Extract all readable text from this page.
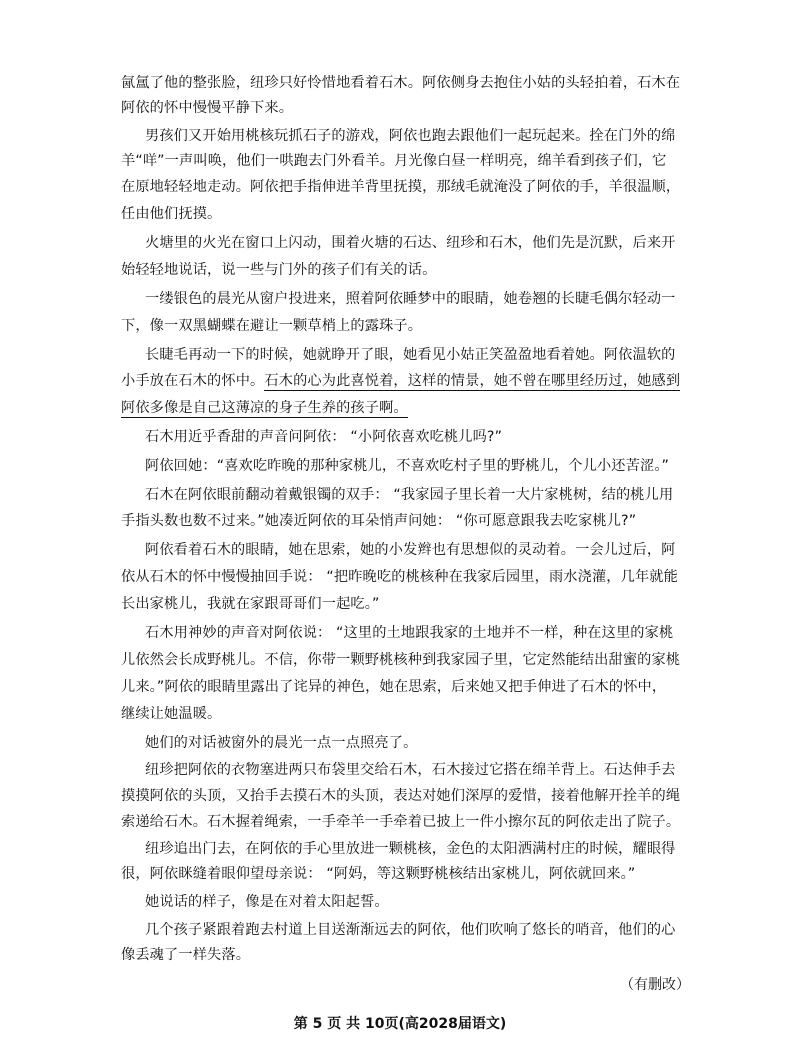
氤氲了他的整张脸，纽珍只好怜惜地看着石木。阿依侧身去抱住小姑的头轻拍着，石木在
阿依的怀中慢慢平静下来。
男孩们又开始用桃核玩抓石子的游戏，阿依也跑去跟他们一起玩起来。拴在门外的绵
羊“咩”一声叫唤，他们一哄跑去门外看羊。月光像白昼一样明亮，绵羊看到孩子们，它
在原地轻轻地走动。阿依把手指伸进羊背里抚摸，那绒毛就淹没了阿依的手，羊很温顺，
任由他们抚摸。
火塘里的火光在窗口上闪动，围着火塘的石达、纽珍和石木，他们先是沉默，后来开
始轻轻地说话，说一些与门外的孩子们有关的话。
一缕银色的晨光从窗户投进来，照着阿依睡梦中的眼睛，她卷翘的长睫毛偶尔轻动一
下，像一双黑蝴蝶在避让一颗草梢上的露珠子。
长睫毛再动一下的时候，她就睁开了眼，她看见小姑正笑盈盈地看着她。阿依温软的
小手放在石木的怀中。石木的心为此喜悦着，这样的情景，她不曾在哪里经历过，她感到
阿依多像是自己这薄凉的身子生养的孩子啊。
石木用近乎香甜的声音问阿依： “小阿依喜欢吃桃儿吗?”
阿依回她：“喜欢吃昨晚的那种家桃儿，不喜欢吃村子里的野桃儿，个儿小还苦涩。”
石木在阿依眼前翻动着戴银镯的双手： “我家园子里长着一大片家桃树，结的桃儿用
手指头数也数不过来。”她凑近阿依的耳朵悄声问她： “你可愿意跟我去吃家桃儿?”
阿依看着石木的眼睛，她在思索，她的小发辫也有思想似的灵动着。一会儿过后，阿
依从石木的怀中慢慢抽回手说： “把昨晚吃的桃核种在我家后园里，雨水浇灌，几年就能
长出家桃儿，我就在家跟哥哥们一起吃。”
石木用神妙的声音对阿依说： “这里的土地跟我家的土地并不一样，种在这里的家桃
儿依然会长成野桃儿。不信，你带一颗野桃核种到我家园子里，它定然能结出甜蜜的家桃
儿来。”阿依的眼睛里露出了诧异的神色，她在思索，后来她又把手伸进了石木的怀中，
继续让她温暖。
她们的对话被窗外的晨光一点一点照亮了。
纽珍把阿依的衣物塞进两只布袋里交给石木，石木接过它搭在绵羊背上。石达伸手去
摸摸阿依的头顶，又抬手去摸石木的头顶，表达对她们深厚的爱惜，接着他解开拴羊的绳
索递给石木。石木握着绳索，一手牵羊一手牵着已披上一件小擦尔瓦的阿依走出了院子。
纽珍追出门去，在阿依的手心里放进一颗桃核，金色的太阳洒满村庄的时候，耀眼得
很，阿依眯缝着眼仰望母亲说： “阿妈，等这颗野桃核结出家桃儿，阿依就回来。”
她说话的样子，像是在对着太阳起誓。
几个孩子紧跟着跑去村道上目送渐渐远去的阿依，他们吹响了悠长的哨音，他们的心
像丢魂了一样失落。
（有删改）
第 5 页 共 10页(高2028届语文)
